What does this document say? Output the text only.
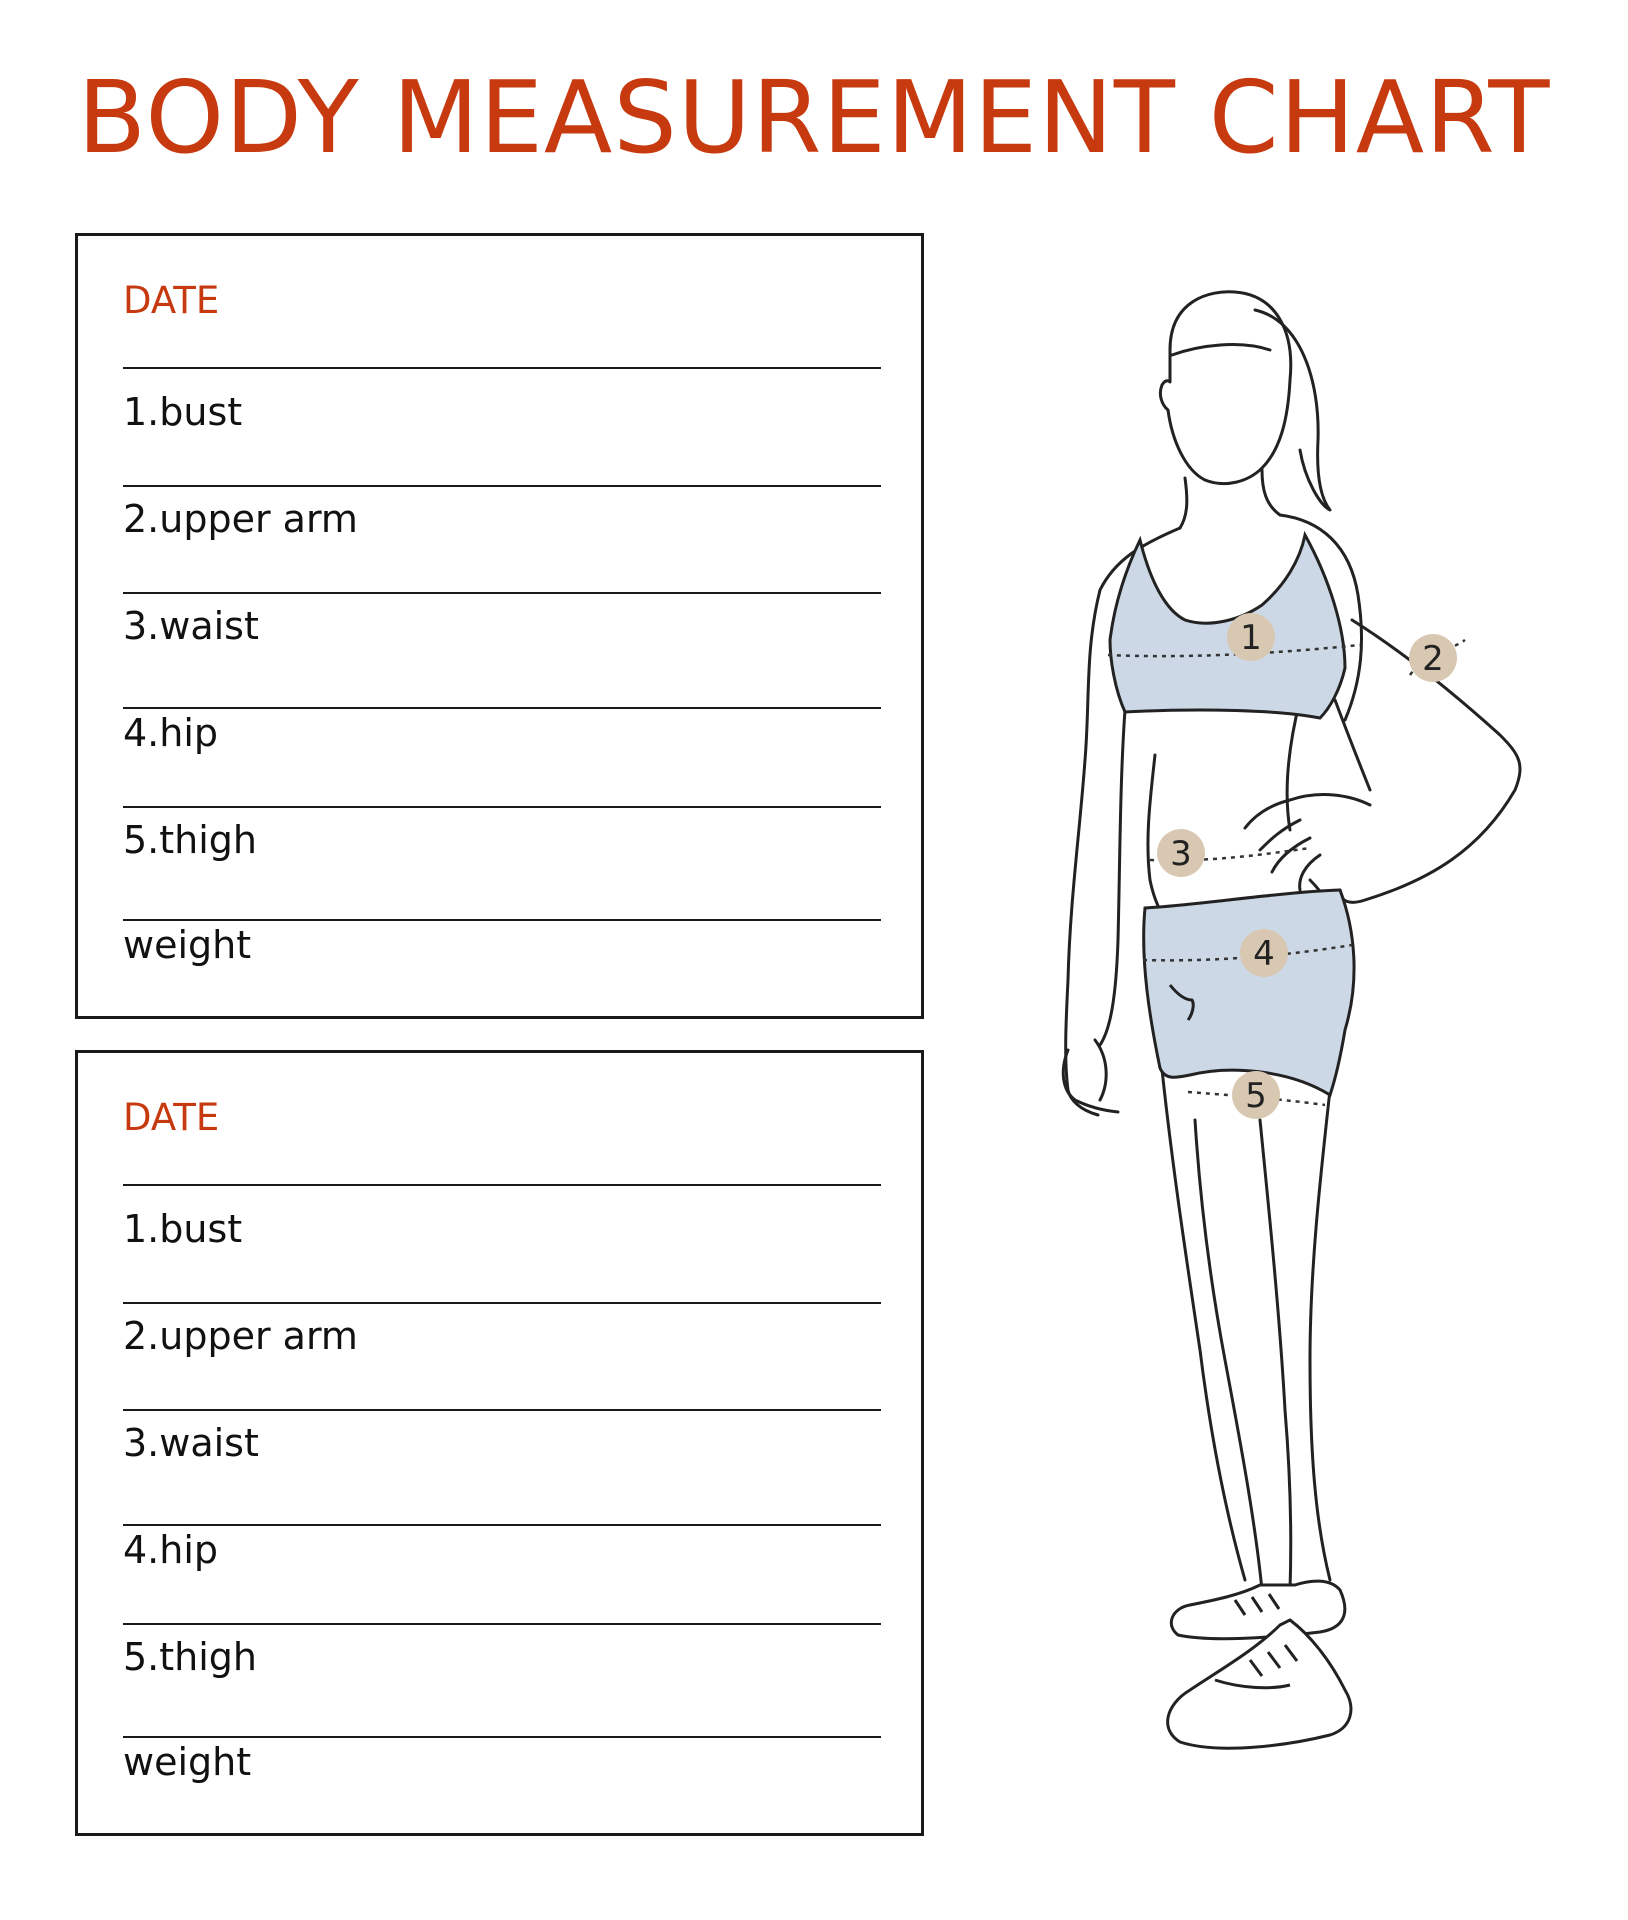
BODY MEASUREMENT CHART
DATE
1.bust
2.upper arm
3.waist
4.hip
5.thigh
weight
DATE
1.bust
2.upper arm
3.waist
4.hip
5.thigh
weight
1
2
3
4
5
